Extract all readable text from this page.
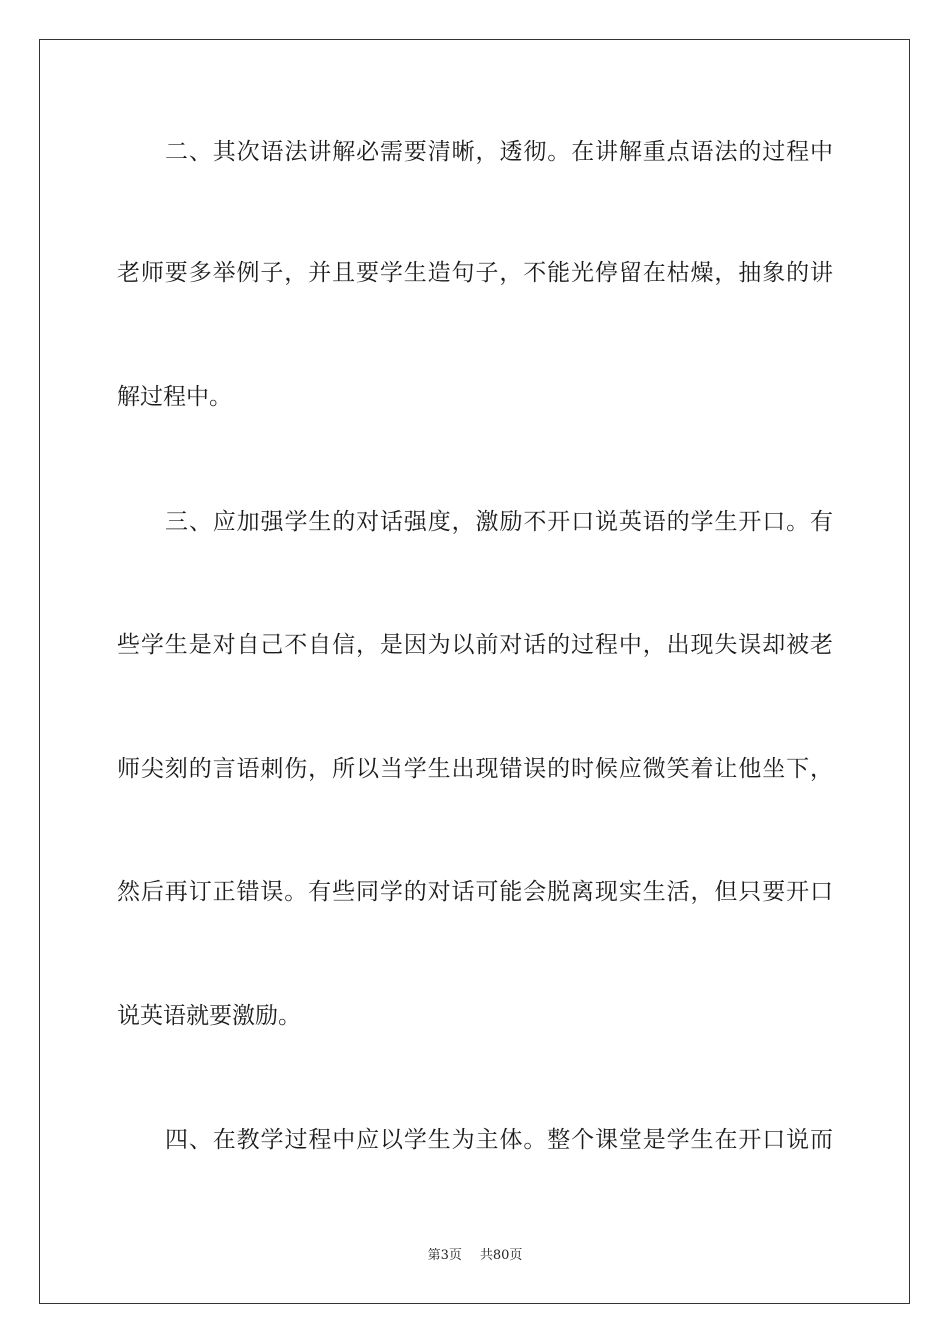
二、其次语法讲解必需要清晰，透彻。在讲解重点语法的过程中
老师要多举例子，并且要学生造句子，不能光停留在枯燥，抽象的讲
解过程中。
三、应加强学生的对话强度，激励不开口说英语的学生开口。有
些学生是对自己不自信，是因为以前对话的过程中，出现失误却被老
师尖刻的言语刺伤，所以当学生出现错误的时候应微笑着让他坐下，
然后再订正错误。有些同学的对话可能会脱离现实生活，但只要开口
说英语就要激励。
四、在教学过程中应以学生为主体。整个课堂是学生在开口说而
第3页 共80页
